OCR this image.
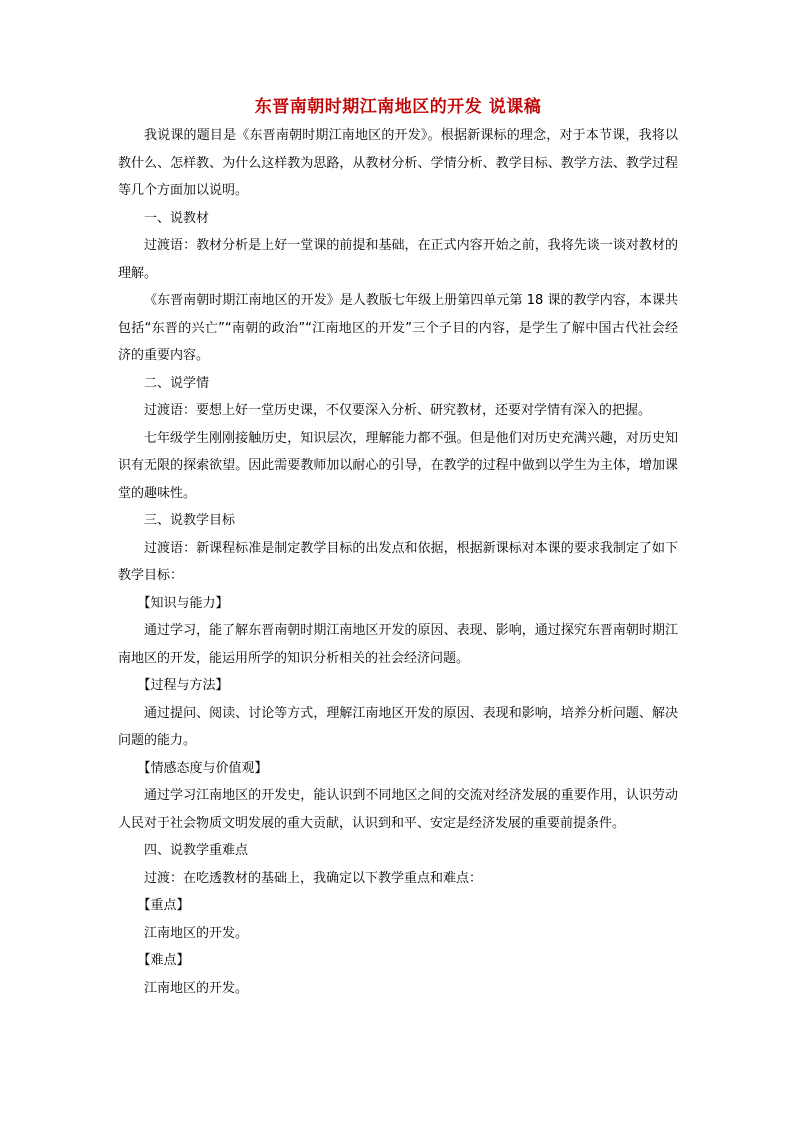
东晋南朝时期江南地区的开发 说课稿

我说课的题目是《东晋南朝时期江南地区的开发》。根据新课标的理念，对于本节课，我将以教什么、怎样教、为什么这样教为思路，从教材分析、学情分析、教学目标、教学方法、教学过程等几个方面加以说明。

一、说教材

过渡语：教材分析是上好一堂课的前提和基础，在正式内容开始之前，我将先谈一谈对教材的理解。

《东晋南朝时期江南地区的开发》是人教版七年级上册第四单元第 18 课的教学内容，本课共包括“东晋的兴亡”“南朝的政治”“江南地区的开发”三个子目的内容，是学生了解中国古代社会经济的重要内容。

二、说学情

过渡语：要想上好一堂历史课，不仅要深入分析、研究教材，还要对学情有深入的把握。

七年级学生刚刚接触历史，知识层次，理解能力都不强。但是他们对历史充满兴趣，对历史知识有无限的探索欲望。因此需要教师加以耐心的引导，在教学的过程中做到以学生为主体，增加课堂的趣味性。

三、说教学目标

过渡语：新课程标准是制定教学目标的出发点和依据，根据新课标对本课的要求我制定了如下教学目标：

【知识与能力】

通过学习，能了解东晋南朝时期江南地区开发的原因、表现、影响，通过探究东晋南朝时期江南地区的开发，能运用所学的知识分析相关的社会经济问题。

【过程与方法】

通过提问、阅读、讨论等方式，理解江南地区开发的原因、表现和影响，培养分析问题、解决问题的能力。

【情感态度与价值观】

通过学习江南地区的开发史，能认识到不同地区之间的交流对经济发展的重要作用，认识劳动人民对于社会物质文明发展的重大贡献，认识到和平、安定是经济发展的重要前提条件。

四、说教学重难点

过渡：在吃透教材的基础上，我确定以下教学重点和难点：

【重点】

江南地区的开发。

【难点】

江南地区的开发。
